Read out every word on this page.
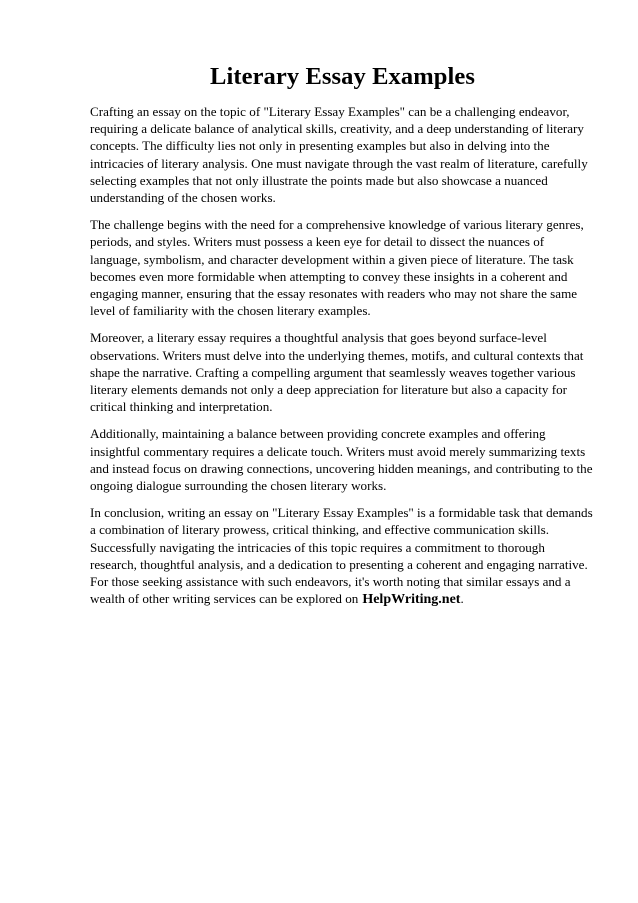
Literary Essay Examples

Crafting an essay on the topic of "Literary Essay Examples" can be a challenging endeavor, requiring a delicate balance of analytical skills, creativity, and a deep understanding of literary concepts. The difficulty lies not only in presenting examples but also in delving into the intricacies of literary analysis. One must navigate through the vast realm of literature, carefully selecting examples that not only illustrate the points made but also showcase a nuanced understanding of the chosen works.

The challenge begins with the need for a comprehensive knowledge of various literary genres, periods, and styles. Writers must possess a keen eye for detail to dissect the nuances of language, symbolism, and character development within a given piece of literature. The task becomes even more formidable when attempting to convey these insights in a coherent and engaging manner, ensuring that the essay resonates with readers who may not share the same level of familiarity with the chosen literary examples.

Moreover, a literary essay requires a thoughtful analysis that goes beyond surface-level observations. Writers must delve into the underlying themes, motifs, and cultural contexts that shape the narrative. Crafting a compelling argument that seamlessly weaves together various literary elements demands not only a deep appreciation for literature but also a capacity for critical thinking and interpretation.

Additionally, maintaining a balance between providing concrete examples and offering insightful commentary requires a delicate touch. Writers must avoid merely summarizing texts and instead focus on drawing connections, uncovering hidden meanings, and contributing to the ongoing dialogue surrounding the chosen literary works.

In conclusion, writing an essay on "Literary Essay Examples" is a formidable task that demands a combination of literary prowess, critical thinking, and effective communication skills. Successfully navigating the intricacies of this topic requires a commitment to thorough research, thoughtful analysis, and a dedication to presenting a coherent and engaging narrative. For those seeking assistance with such endeavors, it's worth noting that similar essays and a wealth of other writing services can be explored on HelpWriting.net.
